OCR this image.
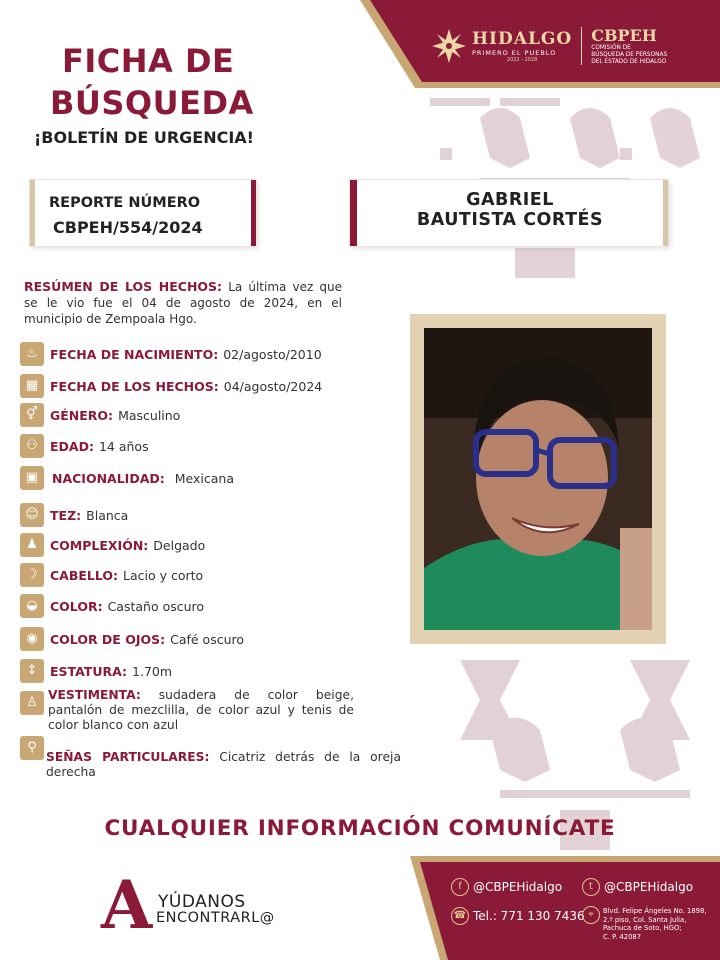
HIDALGO
PRIMERO EL PUEBLO
2022 - 2028
CBPEH
COMISIÓN DE
BÚSQUEDA DE PERSONAS
DEL ESTADO DE HIDALGO
FICHA DE
BÚSQUEDA
¡BOLETÍN DE URGENCIA!
REPORTE NÚMERO
CBPEH/554/2024
GABRIEL
BAUTISTA CORTÉS
RESÚMEN DE LOS HECHOS: La última vez que se le vio fue el 04 de agosto de 2024, en el municipio de Zempoala Hgo.
♨ FECHA DE NACIMIENTO: 02/agosto/2010
▦ FECHA DE LOS HECHOS: 04/agosto/2024
⚥ GÉNERO: Masculino
⚇ EDAD: 14 años
▣	NACIONALIDAD: Mexicana
☺ TEZ: Blanca
♟ COMPLEXIÓN: Delgado
☽ CABELLO: Lacio y corto
◒ COLOR: Castaño oscuro
◉ COLOR DE OJOS: Café oscuro
↕	ESTATURA: 1.70m
♙ VESTIMENTA: sudadera de color beige, pantalón de mezclilla, de color azul y tenis de color blanco con azul
⚲
SEÑAS PARTICULARES: Cicatriz detrás de la oreja derecha
CUALQUIER INFORMACIÓN COMUNÍCATE
A YÚDANOS
ENCONTRARL@
f @CBPEHidalgo	t @CBPEHidalgo
☎ Tel.: 771 130 7436 ⌖	Blvd. Felipe Ángeles No. 1898,
2.º piso, Col. Santa Julia,
Pachuca de Soto, HGO;
C. P. 42087
